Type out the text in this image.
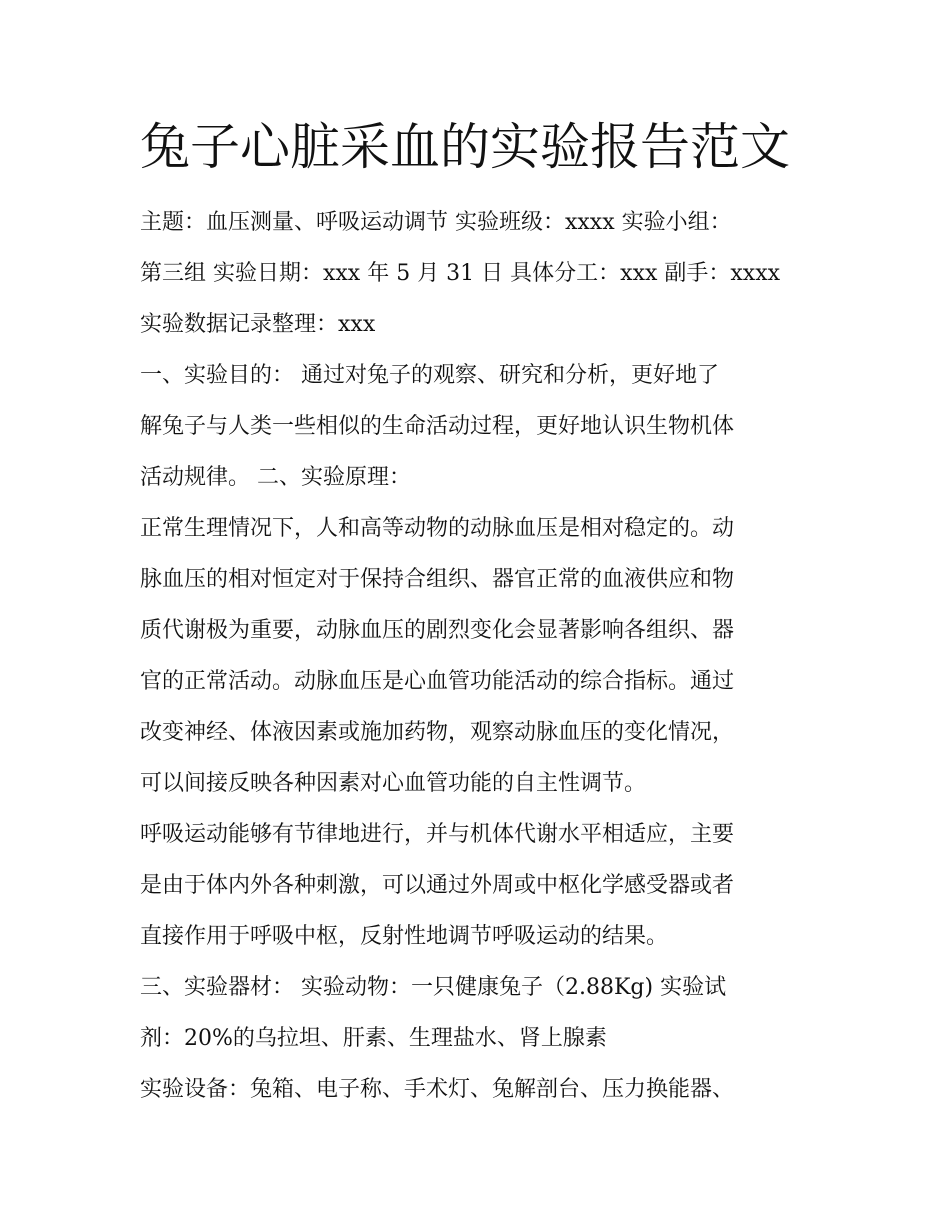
兔子心脏采血的实验报告范文
主题：血压测量、呼吸运动调节 实验班级：xxxx 实验小组：
第三组 实验日期：xxx 年 5 月 31 日 具体分工：xxx 副手：xxxx
实验数据记录整理：xxx
一、实验目的： 通过对兔子的观察、研究和分析，更好地了
解兔子与人类一些相似的生命活动过程，更好地认识生物机体
活动规律。 二、实验原理：
正常生理情况下，人和高等动物的动脉血压是相对稳定的。动
脉血压的相对恒定对于保持合组织、器官正常的血液供应和物
质代谢极为重要，动脉血压的剧烈变化会显著影响各组织、器
官的正常活动。动脉血压是心血管功能活动的综合指标。通过
改变神经、体液因素或施加药物，观察动脉血压的变化情况，
可以间接反映各种因素对心血管功能的自主性调节。
呼吸运动能够有节律地进行，并与机体代谢水平相适应，主要
是由于体内外各种刺激，可以通过外周或中枢化学感受器或者
直接作用于呼吸中枢，反射性地调节呼吸运动的结果。
三、实验器材： 实验动物：一只健康兔子（2.88Kg) 实验试
剂：20%的乌拉坦、肝素、生理盐水、肾上腺素
实验设备：兔箱、电子称、手术灯、兔解剖台、压力换能器、
